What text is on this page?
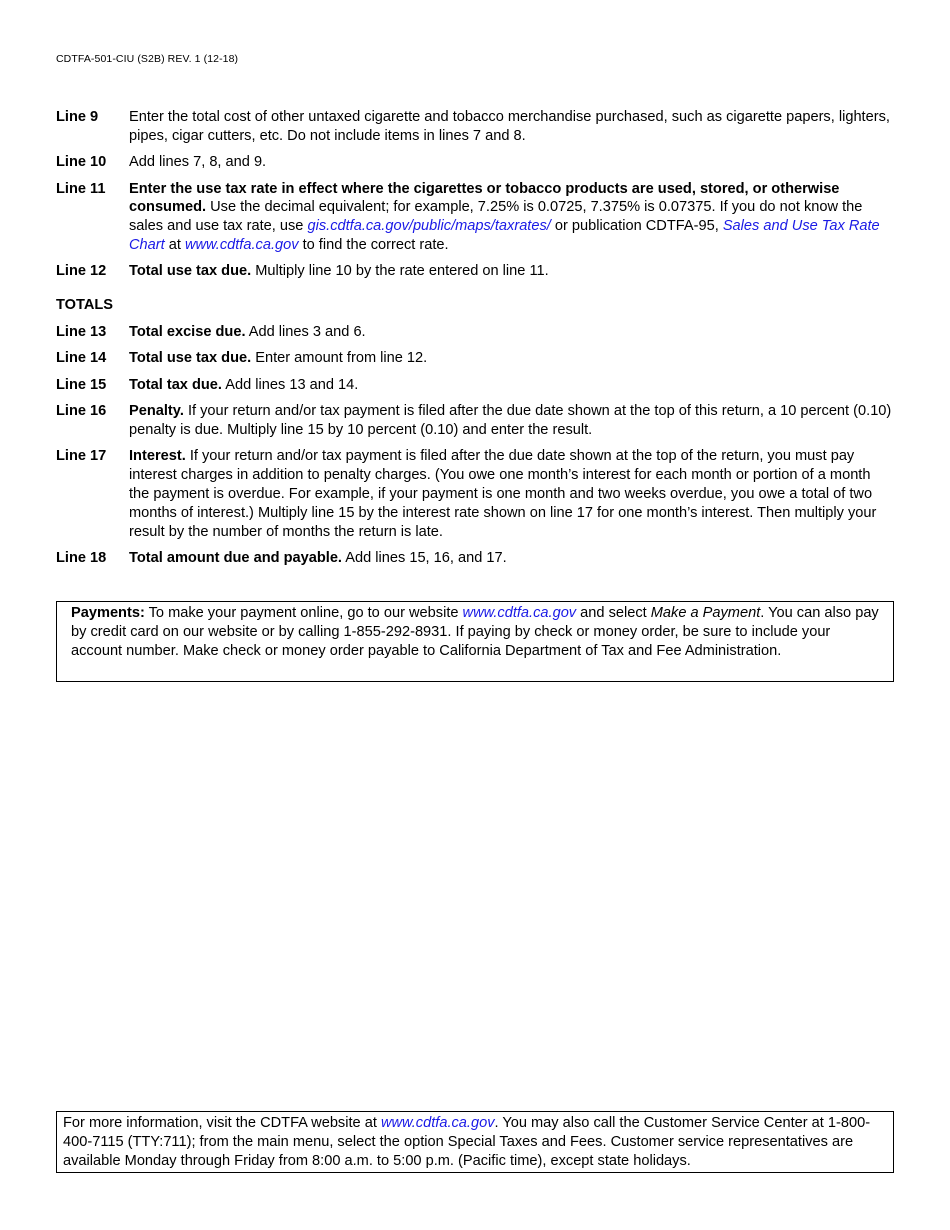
CDTFA-501-CIU (S2B) REV. 1 (12-18)
Line 9	Enter the total cost of other untaxed cigarette and tobacco merchandise purchased, such as cigarette papers, lighters, pipes, cigar cutters, etc. Do not include items in lines 7 and 8.
Line 10	Add lines 7, 8, and 9.
Line 11	Enter the use tax rate in effect where the cigarettes or tobacco products are used, stored, or otherwise consumed. Use the decimal equivalent; for example, 7.25% is 0.0725, 7.375% is 0.07375. If you do not know the sales and use tax rate, use gis.cdtfa.ca.gov/public/maps/taxrates/ or publication CDTFA-95, Sales and Use Tax Rate Chart at www.cdtfa.ca.gov to find the correct rate.
Line 12	Total use tax due. Multiply line 10 by the rate entered on line 11.
TOTALS
Line 13	Total excise due. Add lines 3 and 6.
Line 14	Total use tax due. Enter amount from line 12.
Line 15	Total tax due. Add lines 13 and 14.
Line 16	Penalty. If your return and/or tax payment is filed after the due date shown at the top of this return, a 10 percent (0.10) penalty is due. Multiply line 15 by 10 percent (0.10) and enter the result.
Line 17	Interest. If your return and/or tax payment is filed after the due date shown at the top of the return, you must pay interest charges in addition to penalty charges. (You owe one month’s interest for each month or portion of a month the payment is overdue. For example, if your payment is one month and two weeks overdue, you owe a total of two months of interest.) Multiply line 15 by the interest rate shown on line 17 for one month’s interest. Then multiply your result by the number of months the return is late.
Line 18	Total amount due and payable. Add lines 15, 16, and 17.
Payments: To make your payment online, go to our website www.cdtfa.ca.gov and select Make a Payment. You can also pay by credit card on our website or by calling 1-855-292-8931. If paying by check or money order, be sure to include your account number. Make check or money order payable to California Department of Tax and Fee Administration.
For more information, visit the CDTFA website at www.cdtfa.ca.gov. You may also call the Customer Service Center at 1-800-400-7115 (TTY:711); from the main menu, select the option Special Taxes and Fees. Customer service representatives are available Monday through Friday from 8:00 a.m. to 5:00 p.m. (Pacific time), except state holidays.
